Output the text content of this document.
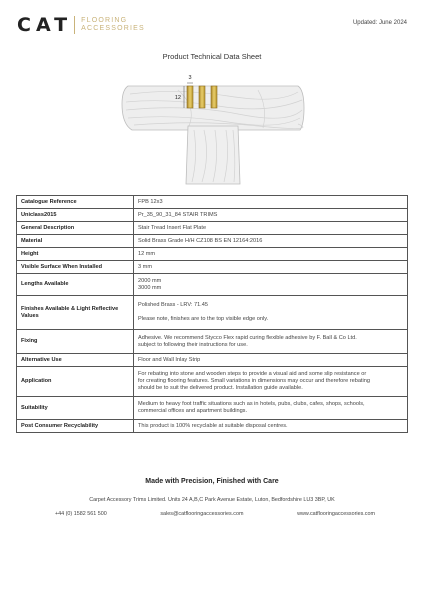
CAT FLOORING
ACCESSORIES
Updated: June 2024
Product Technical Data Sheet
3
12
Catalogue Reference	FPB 12x3
Uniclass2015	Pr_35_90_31_84 STAIR TRIMS
General Description	Stair Tread Insert Flat Plate
Material	Solid Brass Grade H/H CZ108 BS EN 12164:2016
Height	12 mm
Visible Surface When Installed	3 mm
Lengths Available	2000 mm
3000 mm

Finishes Available & Light Reflective Values	Polished Brass - LRV: 71.45

Please note, finishes are to the top visible edge only.

Fixing	Adhesive. We recommend Stycco Flex rapid curing flexible adhesive by F. Ball & Co Ltd.
subject to following their instructions for use.

Alternative Use	Floor and Wall Inlay Strip
Application	For rebating into stone and wooden steps to provide a visual aid and some slip resistance or
for creating flooring features. Small variations in dimensions may occur and therefore rebating
should be to suit the delivered product. Installation guide available.

Suitability	Medium to heavy foot traffic situations such as in hotels, pubs, clubs, cafes, shops, schools,
commercial offices and apartment buildings.

Post Consumer Recyclability	This product is 100% recyclable at suitable disposal centres.
Made with Precision, Finished with Care
Carpet Accessory Trims Limited. Units 24 A,B,C Park Avenue Estate, Luton, Bedfordshire LU3 3BP, UK
+44 (0) 1582 561 500	sales@catflooringaccessories.com	www.catflooringaccessories.com
